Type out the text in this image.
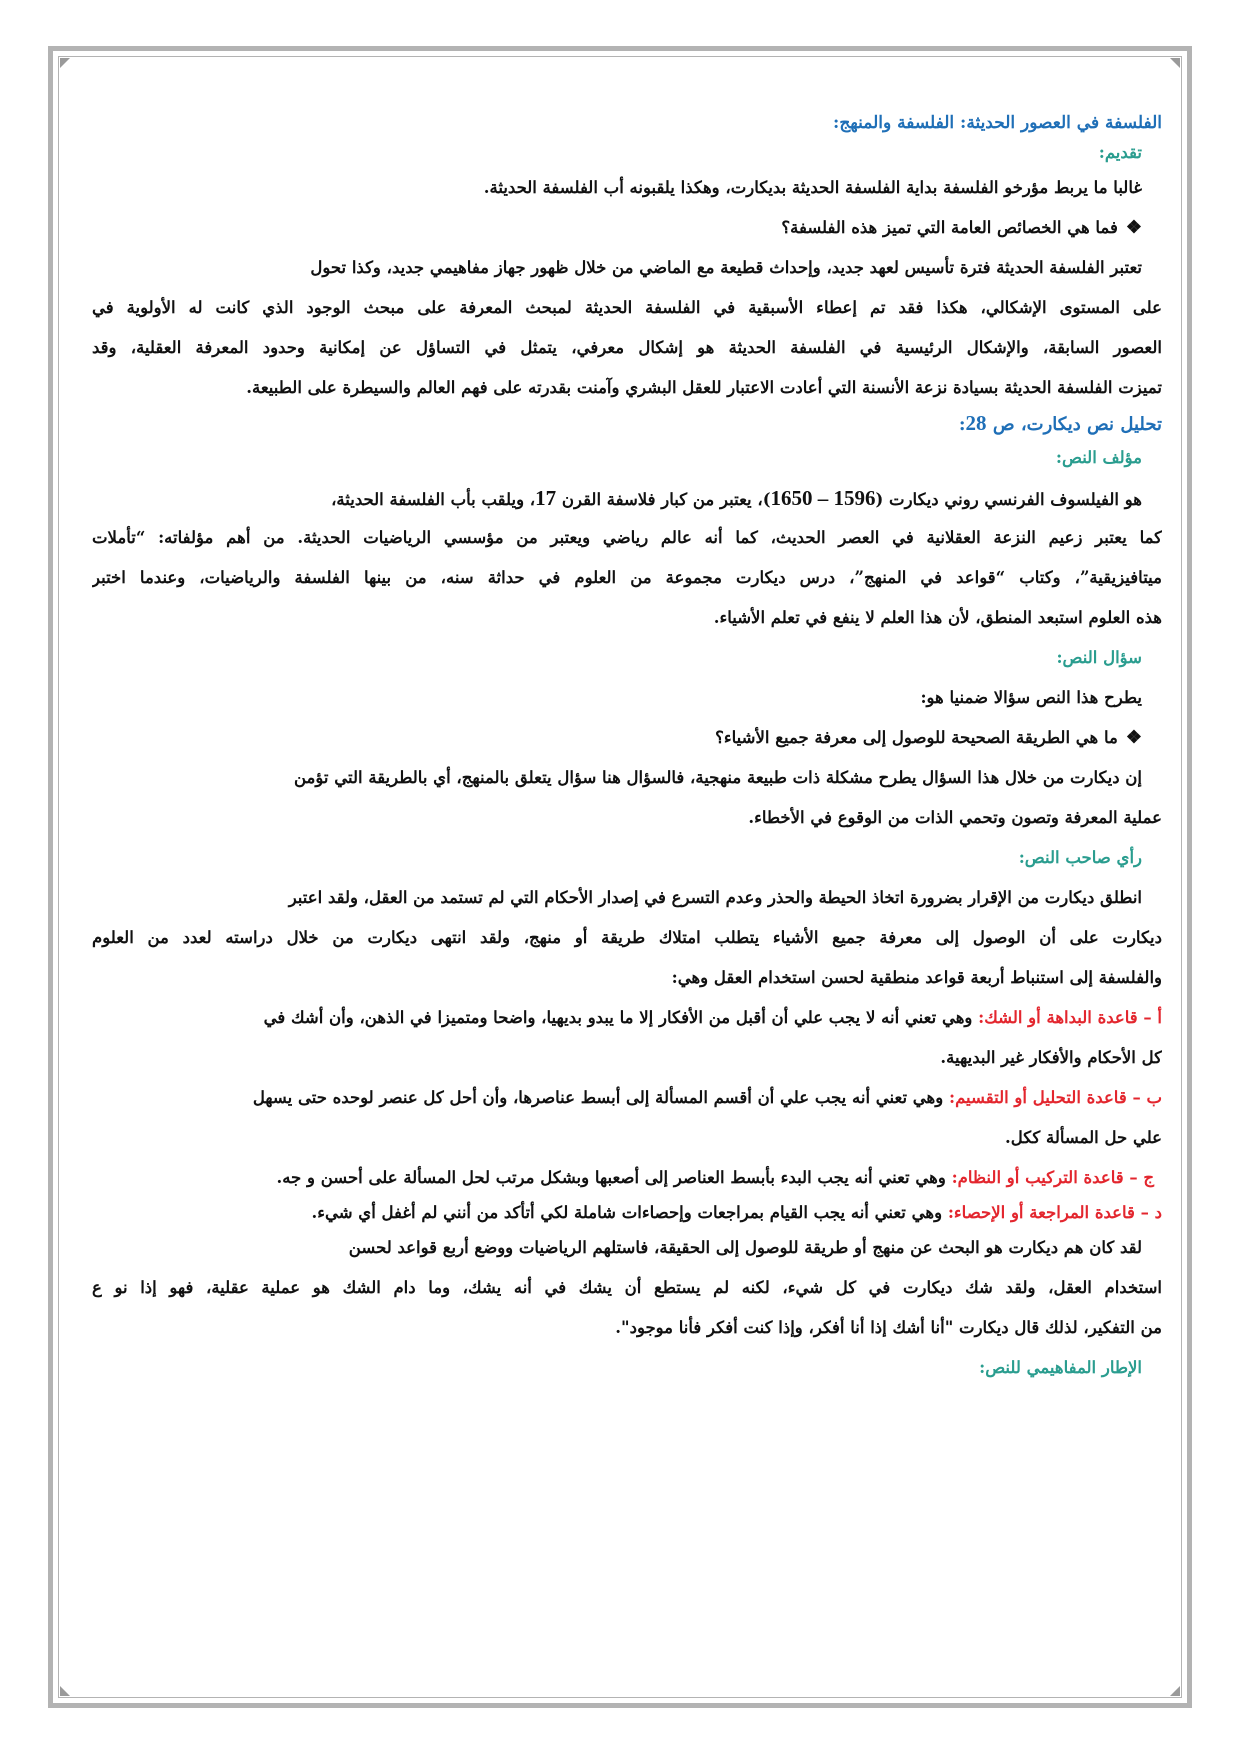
الفلسفة في العصور الحديثة: الفلسفة والمنهج:
تقديم:
غالبا ما يربط مؤرخو الفلسفة بداية الفلسفة الحديثة بديكارت، وهكذا يلقبونه أب الفلسفة الحديثة.
❖فما هي الخصائص العامة التي تميز هذه الفلسفة؟
تعتبر الفلسفة الحديثة فترة تأسيس لعهد جديد، وإحداث قطيعة مع الماضي من خلال ظهور جهاز مفاهيمي جديد، وكذا تحول
على المستوى الإشكالي، هكذا فقد تم إعطاء الأسبقية في الفلسفة الحديثة لمبحث المعرفة على مبحث الوجود الذي كانت له الأولوية في
العصور السابقة، والإشكال الرئيسية في الفلسفة الحديثة هو إشكال معرفي، يتمثل في التساؤل عن إمكانية وحدود المعرفة العقلية، وقد
تميزت الفلسفة الحديثة بسيادة نزعة الأنسنة التي أعادت الاعتبار للعقل البشري وآمنت بقدرته على فهم العالم والسيطرة على الطبيعة.
تحليل نص ديكارت، ص 28:
مؤلف النص:
هو الفيلسوف الفرنسي روني ديكارت (1596 – 1650)، يعتبر من كبار فلاسفة القرن 17، ويلقب بأب الفلسفة الحديثة،
كما يعتبر زعيم النزعة العقلانية في العصر الحديث، كما أنه عالم رياضي ويعتبر من مؤسسي الرياضيات الحديثة. من أهم مؤلفاته: “تأملات
ميتافيزيقية”، وكتاب “قواعد في المنهج”، درس ديكارت مجموعة من العلوم في حداثة سنه، من بينها الفلسفة والرياضيات، وعندما اختبر
هذه العلوم استبعد المنطق، لأن هذا العلم لا ينفع في تعلم الأشياء.
سؤال النص:
يطرح هذا النص سؤالا ضمنيا هو:
❖ما هي الطريقة الصحيحة للوصول إلى معرفة جميع الأشياء؟
إن ديكارت من خلال هذا السؤال يطرح مشكلة ذات طبيعة منهجية، فالسؤال هنا سؤال يتعلق بالمنهج، أي بالطريقة التي تؤمن
عملية المعرفة وتصون وتحمي الذات من الوقوع في الأخطاء.
رأي صاحب النص:
انطلق ديكارت من الإقرار بضرورة اتخاذ الحيطة والحذر وعدم التسرع في إصدار الأحكام التي لم تستمد من العقل، ولقد اعتبر
ديكارت على أن الوصول إلى معرفة جميع الأشياء يتطلب امتلاك طريقة أو منهج، ولقد انتهى ديكارت من خلال دراسته لعدد من العلوم
والفلسفة إلى استنباط أربعة قواعد منطقية لحسن استخدام العقل وهي:
أ – قاعدة البداهة أو الشك: وهي تعني أنه لا يجب علي أن أقبل من الأفكار إلا ما يبدو بديهيا، واضحا ومتميزا في الذهن، وأن أشك في
كل الأحكام والأفكار غير البديهية.
ب – قاعدة التحليل أو التقسيم: وهي تعني أنه يجب علي أن أقسم المسألة إلى أبسط عناصرها، وأن أحل كل عنصر لوحده حتى يسهل
علي حل المسألة ككل.
ج – قاعدة التركيب أو النظام: وهي تعني أنه يجب البدء بأبسط العناصر إلى أصعبها وبشكل مرتب لحل المسألة على أحسن و جه.
د – قاعدة المراجعة أو الإحصاء: وهي تعني أنه يجب القيام بمراجعات وإحصاءات شاملة لكي أتأكد من أنني لم أغفل أي شيء.
لقد كان هم ديكارت هو البحث عن منهج أو طريقة للوصول إلى الحقيقة، فاستلهم الرياضيات ووضع أربع قواعد لحسن
استخدام العقل، ولقد شك ديكارت في كل شيء، لكنه لم يستطع أن يشك في أنه يشك، وما دام الشك هو عملية عقلية، فهو إذا نو ع
من التفكير، لذلك قال ديكارت "أنا أشك إذا أنا أفكر، وإذا كنت أفكر فأنا موجود".
الإطار المفاهيمي للنص:
